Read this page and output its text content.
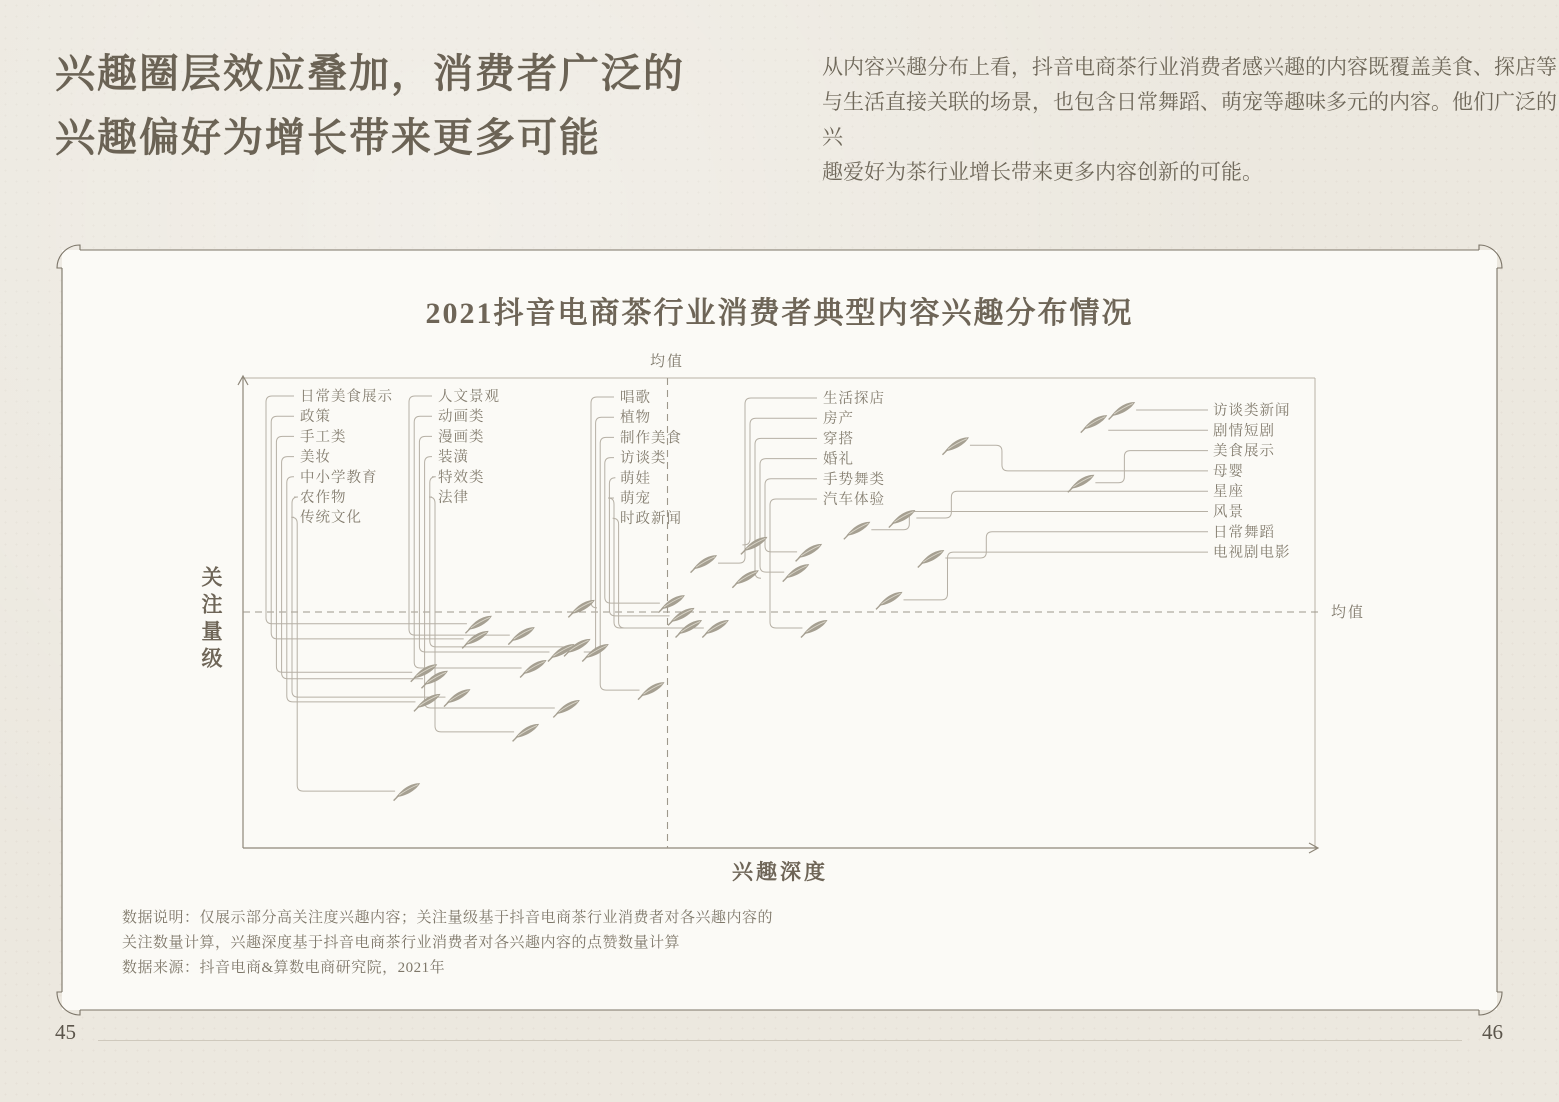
兴趣圈层效应叠加，消费者广泛的
兴趣偏好为增长带来更多可能
从内容兴趣分布上看，抖音电商茶行业消费者感兴趣的内容既覆盖美食、探店等
与生活直接关联的场景，也包含日常舞蹈、萌宠等趣味多元的内容。他们广泛的兴
趣爱好为茶行业增长带来更多内容创新的可能。
均值
均值
日常美食展示
政策
手工类
美妆
中小学教育
农作物
传统文化
人文景观
动画类
漫画类
装潢
特效类
法律
唱歌
植物
制作美食
访谈类
萌娃
萌宠
时政新闻
生活探店
房产
穿搭
婚礼
手势舞类
汽车体验
访谈类新闻
剧情短剧
美食展示
母婴
星座
风景
日常舞蹈
电视剧电影
2021抖音电商茶行业消费者典型内容兴趣分布情况
关注量级
兴趣深度
数据说明：仅展示部分高关注度兴趣内容；关注量级基于抖音电商茶行业消费者对各兴趣内容的
关注数量计算，兴趣深度基于抖音电商茶行业消费者对各兴趣内容的点赞数量计算
数据来源：抖音电商&算数电商研究院，2021年
45	46
